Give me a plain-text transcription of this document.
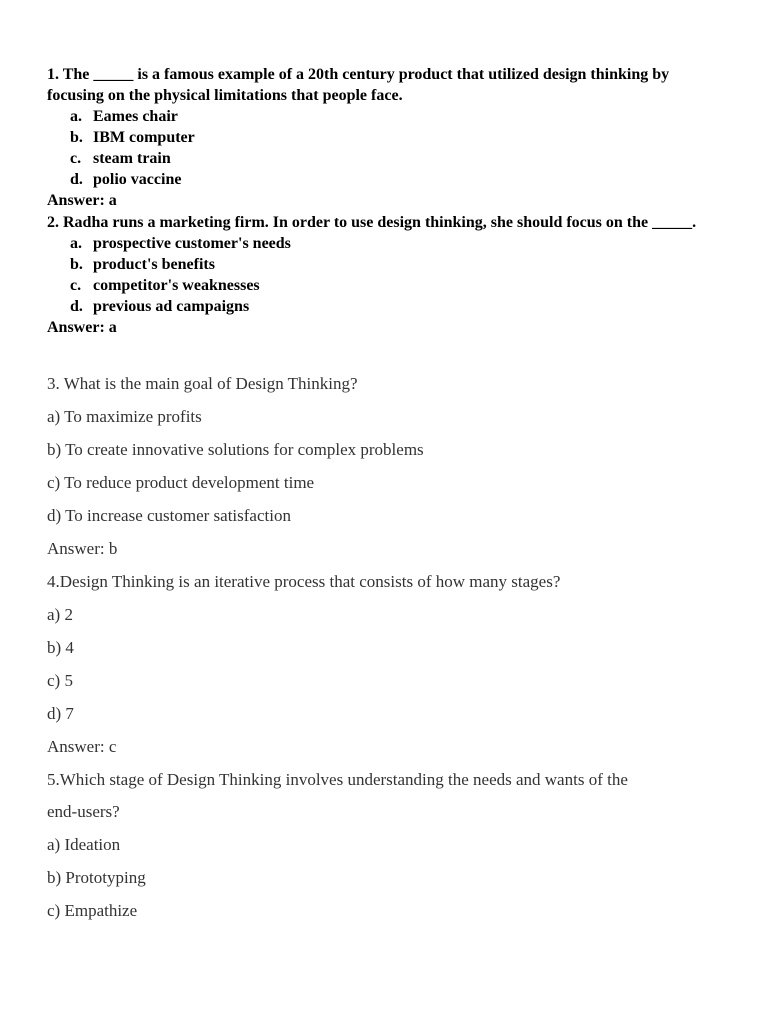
1. The _____ is a famous example of a 20th century product that utilized design thinking by focusing on the physical limitations that people face.

a. Eames chair
b. IBM computer
c. steam train
d. polio vaccine

Answer: a

2. Radha runs a marketing firm. In order to use design thinking, she should focus on the _____.

a. prospective customer's needs
b. product's benefits
c. competitor's weaknesses
d. previous ad campaigns

Answer: a

3. What is the main goal of Design Thinking?

a) To maximize profits

b) To create innovative solutions for complex problems

c) To reduce product development time

d) To increase customer satisfaction

Answer: b

4.Design Thinking is an iterative process that consists of how many stages?

a) 2

b) 4

c) 5

d) 7

Answer: c

5.Which stage of Design Thinking involves understanding the needs and wants of the

end-users?

a) Ideation

b) Prototyping

c) Empathize
